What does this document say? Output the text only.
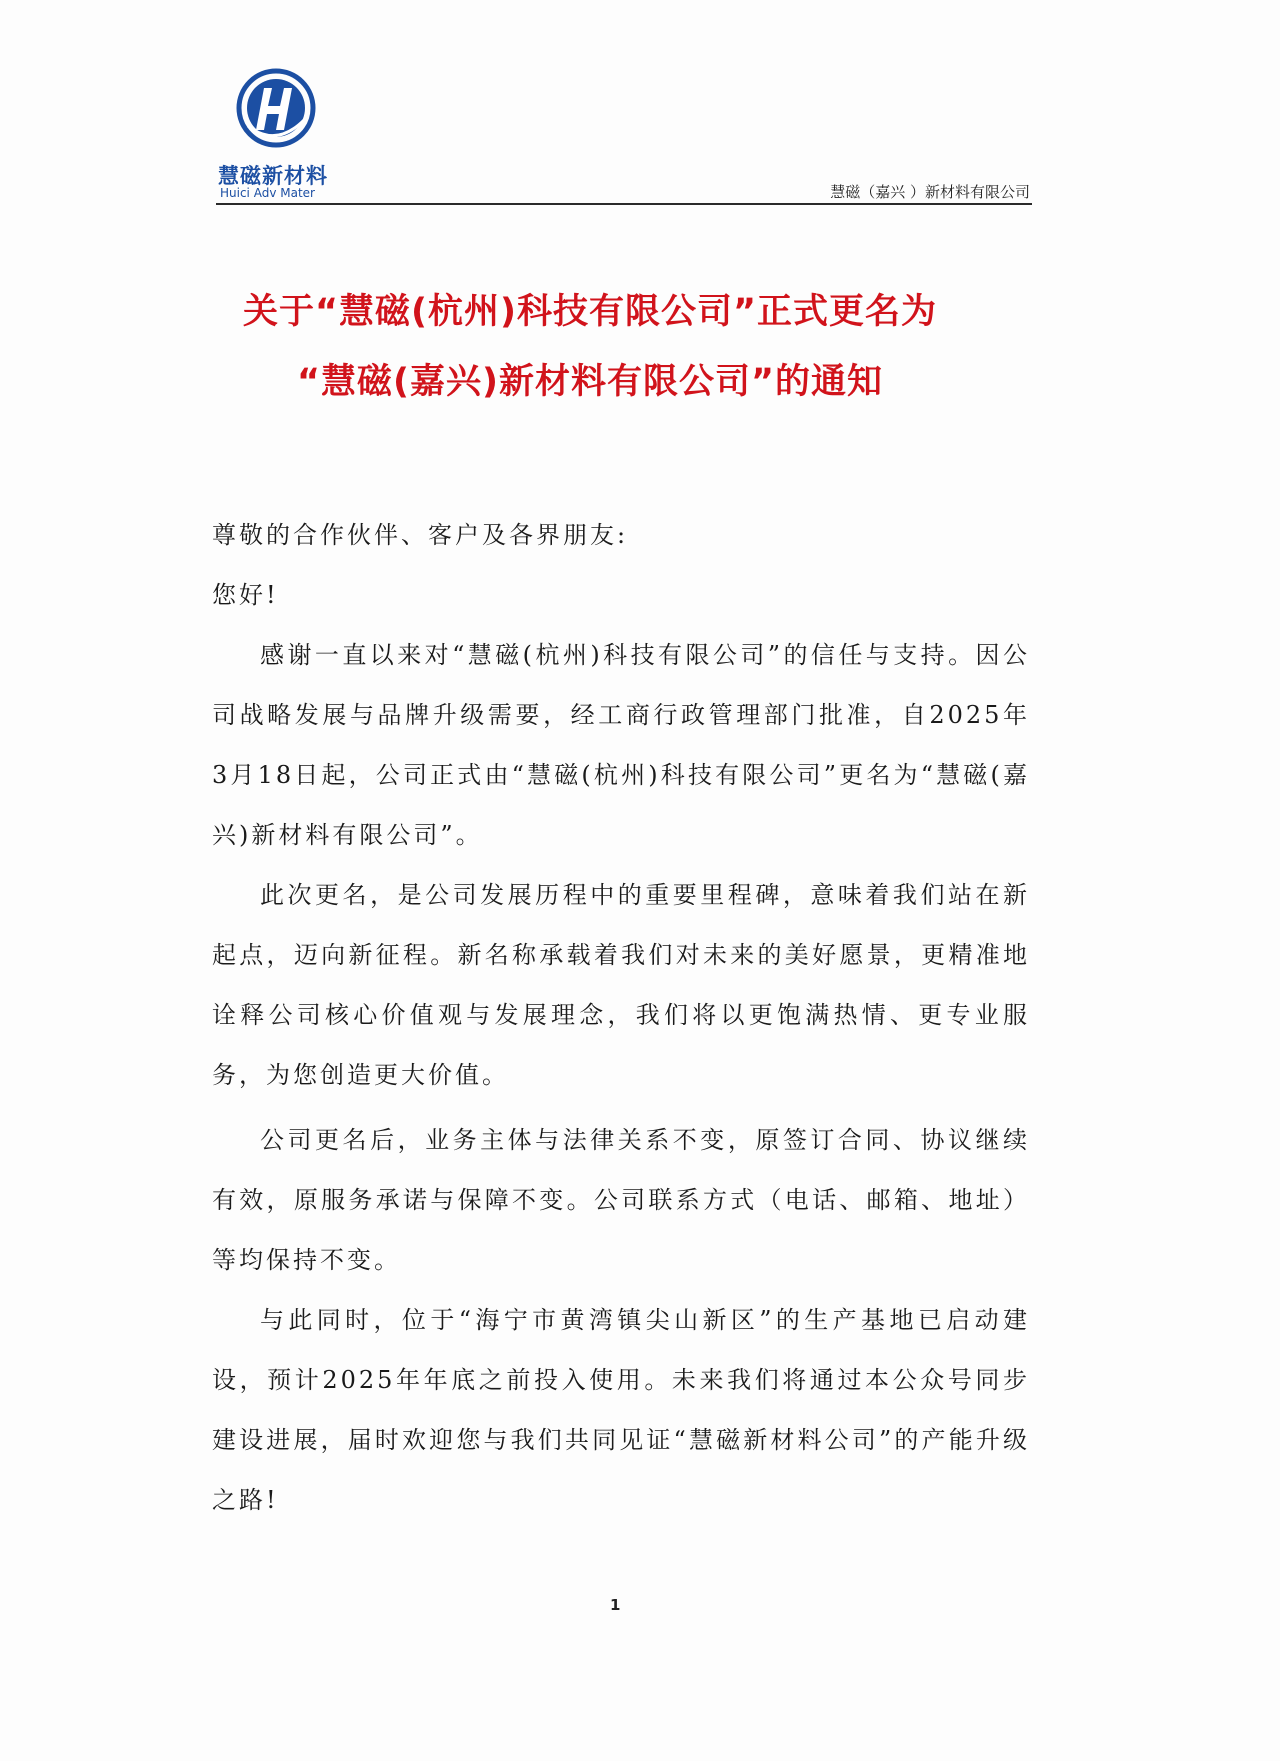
慧磁新材料
Huici Adv Mater	慧磁（嘉兴 ）新材料有限公司
关于“慧磁(杭州)科技有限公司”正式更名为
“慧磁(嘉兴)新材料有限公司”的通知
尊敬的合作伙伴、客户及各界朋友:
您好!
感谢一直以来对“慧磁(杭州)科技有限公司”的信任与支持。因公司战略发展与品牌升级需要，经工商行政管理部门批准，自2025年3月18日起，公司正式由“慧磁(杭州)科技有限公司”更名为“慧磁(嘉兴)新材料有限公司”。
此次更名，是公司发展历程中的重要里程碑，意味着我们站在新起点，迈向新征程。新名称承载着我们对未来的美好愿景，更精准地诠释公司核心价值观与发展理念，我们将以更饱满热情、更专业服务，为您创造更大价值。
公司更名后，业务主体与法律关系不变，原签订合同、协议继续有效，原服务承诺与保障不变。公司联系方式（电话、邮箱、地址）等均保持不变。
与此同时，位于“海宁市黄湾镇尖山新区”的生产基地已启动建设，预计2025年年底之前投入使用。未来我们将通过本公众号同步建设进展，届时欢迎您与我们共同见证“慧磁新材料公司”的产能升级之路!
1
